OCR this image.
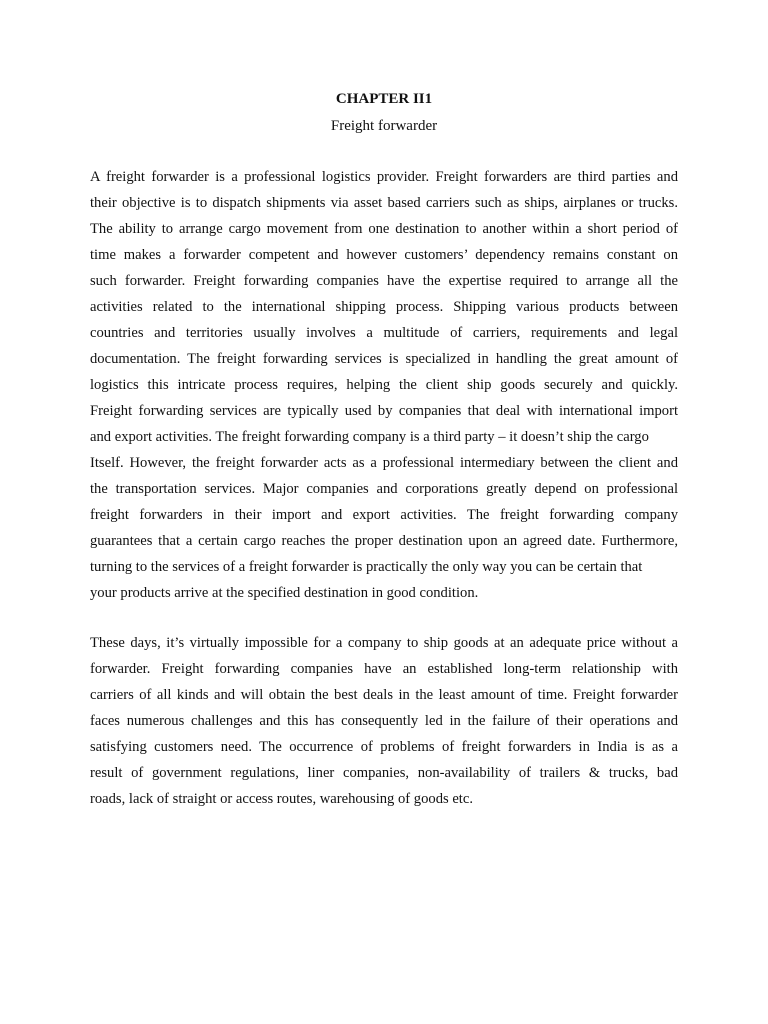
CHAPTER II1
Freight forwarder
A freight forwarder is a professional logistics provider. Freight forwarders are third parties and
their objective is to dispatch shipments via asset based carriers such as ships, airplanes or trucks.
The ability to arrange cargo movement from one destination to another within a short period of
time makes a forwarder competent and however customers’ dependency remains constant on
such forwarder. Freight forwarding companies have the expertise required to arrange all the
activities related to the international shipping process. Shipping various products between
countries and territories usually involves a multitude of carriers, requirements and legal
documentation. The freight forwarding services is specialized in handling the great amount of
logistics this intricate process requires, helping the client ship goods securely and quickly.
Freight forwarding services are typically used by companies that deal with international import
and export activities. The freight forwarding company is a third party – it doesn’t ship the cargo
Itself. However, the freight forwarder acts as a professional intermediary between the client and
the transportation services. Major companies and corporations greatly depend on professional
freight forwarders in their import and export activities. The freight forwarding company
guarantees that a certain cargo reaches the proper destination upon an agreed date. Furthermore,
turning to the services of a freight forwarder is practically the only way you can be certain that
your products arrive at the specified destination in good condition.
These days, it’s virtually impossible for a company to ship goods at an adequate price without a
forwarder. Freight forwarding companies have an established long-term relationship with
carriers of all kinds and will obtain the best deals in the least amount of time. Freight forwarder
faces numerous challenges and this has consequently led in the failure of their operations and
satisfying customers need. The occurrence of problems of freight forwarders in India is as a
result of government regulations, liner companies, non-availability of trailers & trucks, bad
roads, lack of straight or access routes, warehousing of goods etc.
